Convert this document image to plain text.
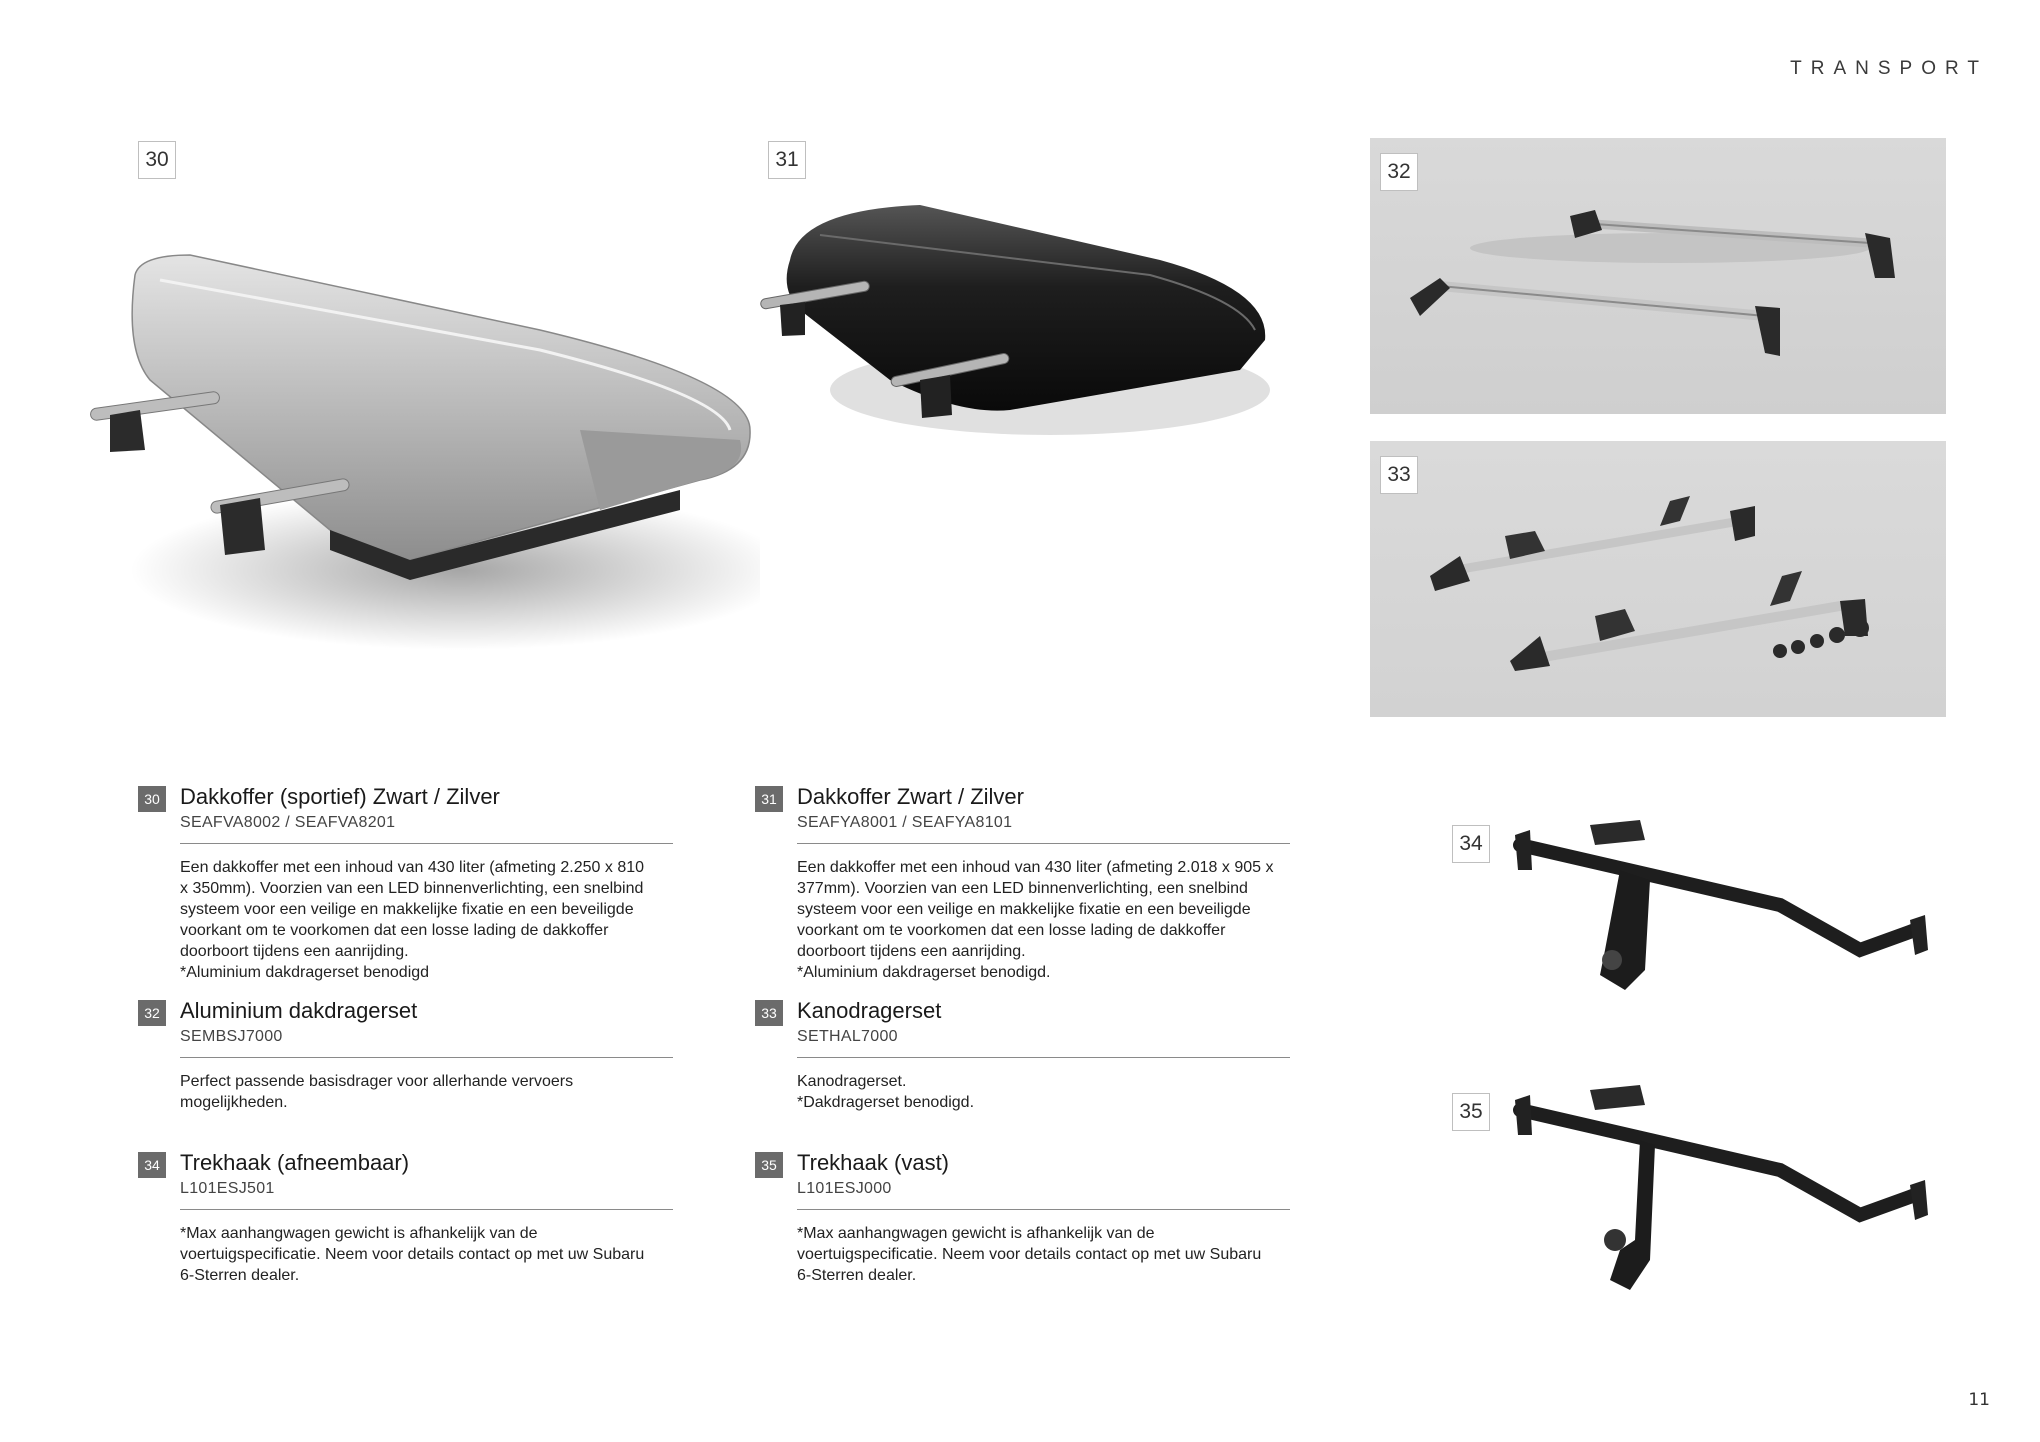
TRANSPORT
30	31
32
33
34
35
30 Dakkoffer (sportief) Zwart / Zilver
SEAFVA8002 / SEAFVA8201
Een dakkoffer met een inhoud van 430 liter (afmeting 2.250 x 810
x 350mm). Voorzien van een LED binnenverlichting, een snelbind
systeem voor een veilige en makkelijke fixatie en een beveiligde
voorkant om te voorkomen dat een losse lading de dakkoffer
doorboort tijdens een aanrijding.
*Aluminium dakdragerset benodigd
31 Dakkoffer Zwart / Zilver
SEAFYA8001 / SEAFYA8101
Een dakkoffer met een inhoud van 430 liter (afmeting 2.018 x 905 x
377mm). Voorzien van een LED binnenverlichting, een snelbind
systeem voor een veilige en makkelijke fixatie en een beveiligde
voorkant om te voorkomen dat een losse lading de dakkoffer
doorboort tijdens een aanrijding.
*Aluminium dakdragerset benodigd.
32 Aluminium dakdragerset
SEMBSJ7000
Perfect passende basisdrager voor allerhande vervoers
mogelijkheden.
33 Kanodragerset
SETHAL7000
Kanodragerset.
*Dakdragerset benodigd.
34 Trekhaak (afneembaar)
L101ESJ501
*Max aanhangwagen gewicht is afhankelijk van de
voertuigspecificatie. Neem voor details contact op met uw Subaru
6-Sterren dealer.
35 Trekhaak (vast)
L101ESJ000
*Max aanhangwagen gewicht is afhankelijk van de
voertuigspecificatie. Neem voor details contact op met uw Subaru
6-Sterren dealer.
11
